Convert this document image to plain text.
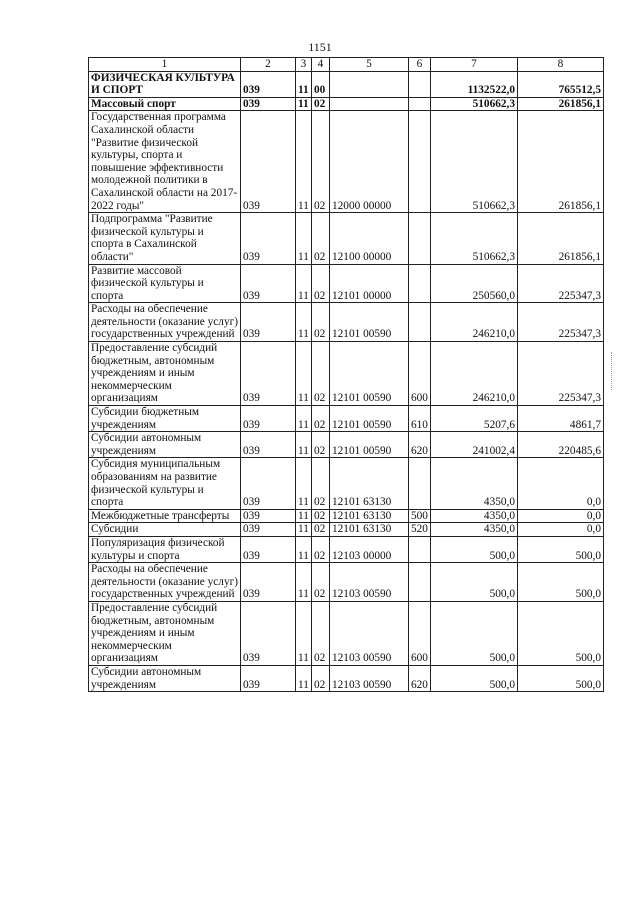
1151
1	2	3	4	5	6	7	8
ФИЗИЧЕСКАЯ КУЛЬТУРА И СПОРТ	039	11	00			1132522,0	765512,5
Массовый спорт	039	11	02			510662,3	261856,1
Государственная программа Сахалинской области "Развитие физической культуры, спорта и повышение эффективности молодежной политики в Сахалинской области на 2017-2022 годы"	039	11	02	12000 00000		510662,3	261856,1
Подпрограмма "Развитие физической культуры и спорта в Сахалинской области"	039	11	02	12100 00000		510662,3	261856,1
Развитие массовой физической культуры и спорта	039	11	02	12101 00000		250560,0	225347,3
Расходы на обеспечение деятельности (оказание услуг) государственных учреждений	039	11	02	12101 00590		246210,0	225347,3
Предоставление субсидий бюджетным, автономным учреждениям и иным некоммерческим организациям	039	11	02	12101 00590	600	246210,0	225347,3
Субсидии бюджетным учреждениям	039	11	02	12101 00590	610	5207,6	4861,7
Субсидии автономным учреждениям	039	11	02	12101 00590	620	241002,4	220485,6
Субсидия муниципальным образованиям на развитие физической культуры и спорта	039	11	02	12101 63130		4350,0	0,0
Межбюджетные трансферты	039	11	02	12101 63130	500	4350,0	0,0
Субсидии	039	11	02	12101 63130	520	4350,0	0,0
Популяризация физической культуры и спорта	039	11	02	12103 00000		500,0	500,0
Расходы на обеспечение деятельности (оказание услуг) государственных учреждений	039	11	02	12103 00590		500,0	500,0
Предоставление субсидий бюджетным, автономным учреждениям и иным некоммерческим организациям	039	11	02	12103 00590	600	500,0	500,0
Субсидии автономным учреждениям	039	11	02	12103 00590	620	500,0	500,0
